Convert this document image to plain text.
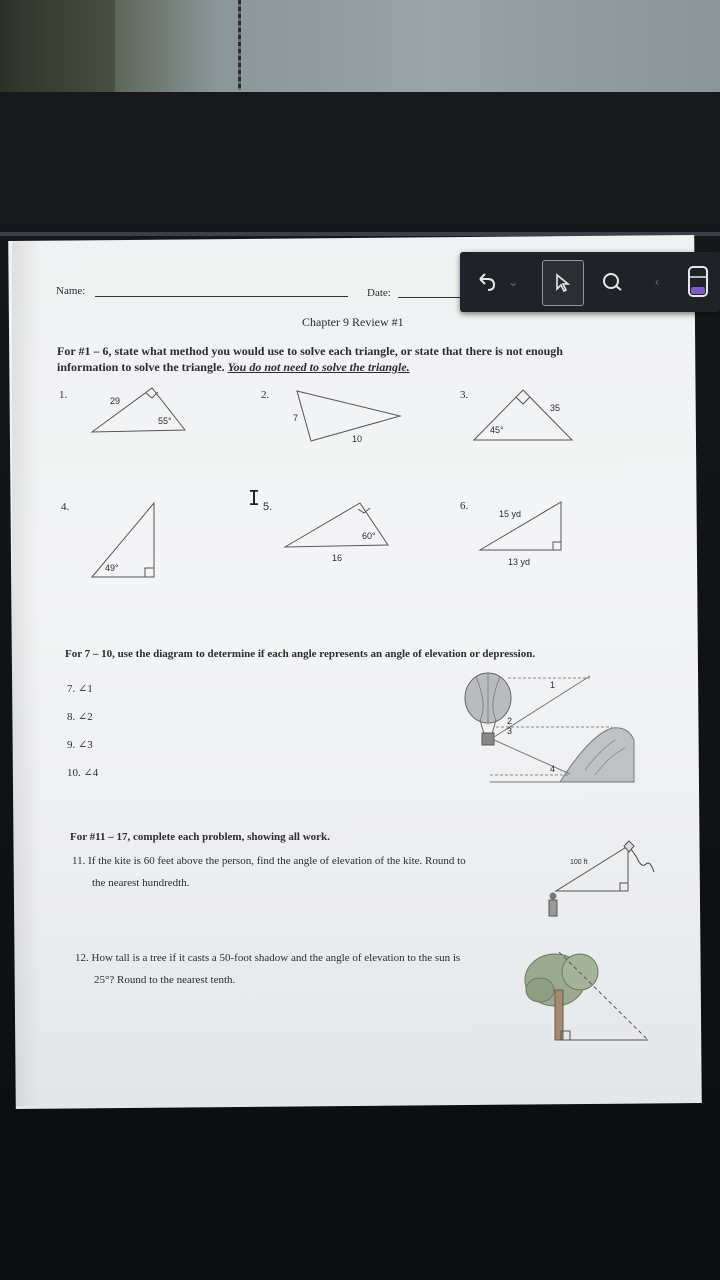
Name:	Date:
Chapter 9 Review #1
For #1 – 6, state what method you would use to solve each triangle, or state that there is not enough
information to solve the triangle. You do not need to solve the triangle.
1.	2.	3.
4.	5.	6.
29
55°	7
10
35
45°
49°
60°
16
15 yd
13 yd
For 7 – 10, use the diagram to determine if each angle represents an angle of elevation or depression.
7. ∠1
8. ∠2
9. ∠3
10. ∠4
1
2
3
4
For #11 – 17, complete each problem, showing all work.
11. If the kite is 60 feet above the person, find the angle of elevation of the kite. Round to
the nearest hundredth.
100 ft
12. How tall is a tree if it casts a 50-foot shadow and the angle of elevation to the sun is
25°? Round to the nearest tenth.
I
⌄	‹
